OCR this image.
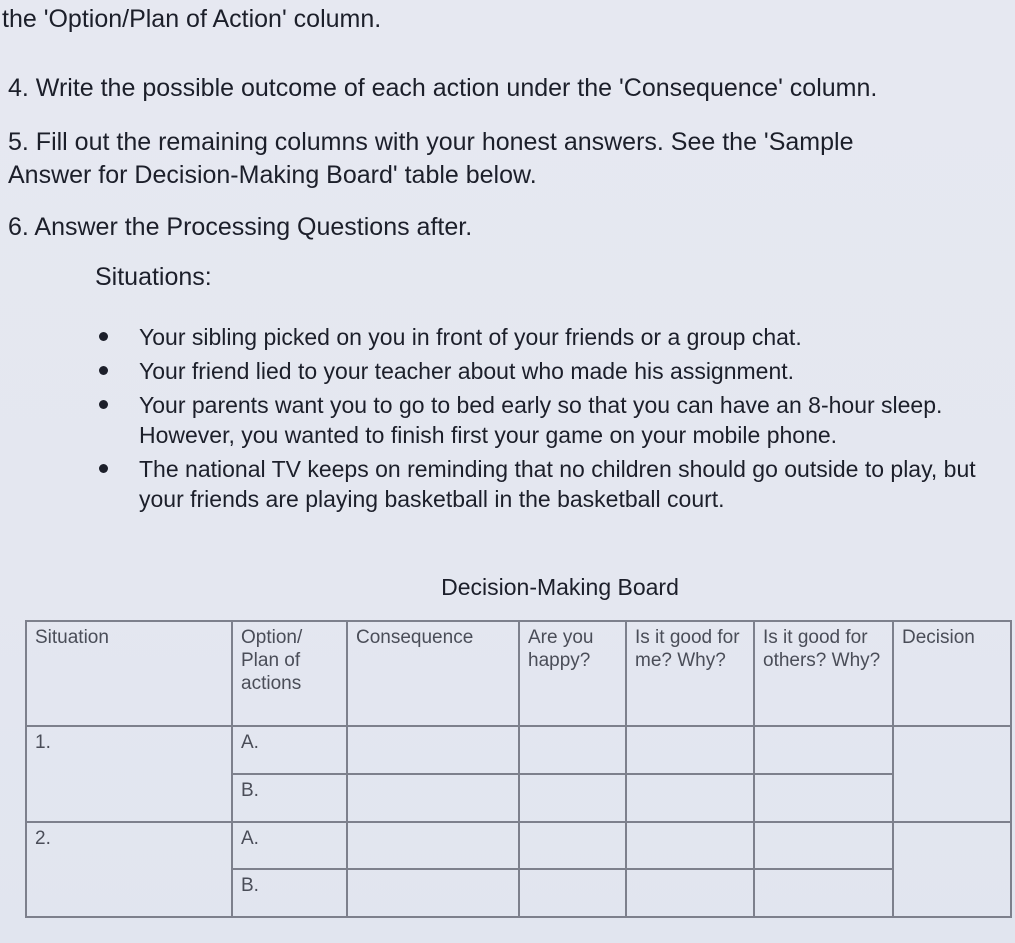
the 'Option/Plan of Action' column.
4. Write the possible outcome of each action under the 'Consequence' column.
5. Fill out the remaining columns with your honest answers. See the 'Sample
Answer for Decision-Making Board' table below.
6. Answer the Processing Questions after.
Situations:
Your sibling picked on you in front of your friends or a group chat.
Your friend lied to your teacher about who made his assignment.
Your parents want you to go to bed early so that you can have an 8-hour sleep. However, you wanted to finish first your game on your mobile phone.
The national TV keeps on reminding that no children should go outside to play, but your friends are playing basketball in the basketball court.
Decision-Making Board
Situation	Option/ Plan of actions	Consequence	Are you happy?	Is it good for me? Why?	Is it good for others? Why?	Decision
1.	A.					
	B.					
2.	A.					
	B.					
